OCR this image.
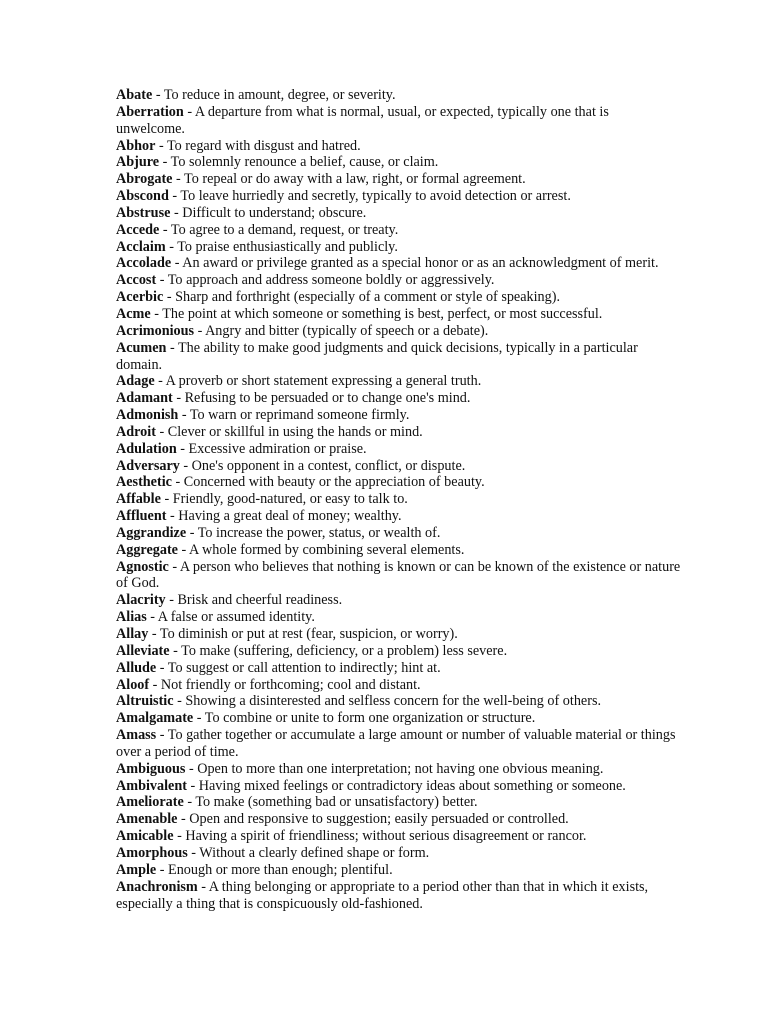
Abate - To reduce in amount, degree, or severity.

Aberration - A departure from what is normal, usual, or expected, typically one that is unwelcome.

Abhor - To regard with disgust and hatred.

Abjure - To solemnly renounce a belief, cause, or claim.

Abrogate - To repeal or do away with a law, right, or formal agreement.

Abscond - To leave hurriedly and secretly, typically to avoid detection or arrest.

Abstruse - Difficult to understand; obscure.

Accede - To agree to a demand, request, or treaty.

Acclaim - To praise enthusiastically and publicly.

Accolade - An award or privilege granted as a special honor or as an acknowledgment of merit.

Accost - To approach and address someone boldly or aggressively.

Acerbic - Sharp and forthright (especially of a comment or style of speaking).

Acme - The point at which someone or something is best, perfect, or most successful.

Acrimonious - Angry and bitter (typically of speech or a debate).

Acumen - The ability to make good judgments and quick decisions, typically in a particular domain.

Adage - A proverb or short statement expressing a general truth.

Adamant - Refusing to be persuaded or to change one's mind.

Admonish - To warn or reprimand someone firmly.

Adroit - Clever or skillful in using the hands or mind.

Adulation - Excessive admiration or praise.

Adversary - One's opponent in a contest, conflict, or dispute.

Aesthetic - Concerned with beauty or the appreciation of beauty.

Affable - Friendly, good-natured, or easy to talk to.

Affluent - Having a great deal of money; wealthy.

Aggrandize - To increase the power, status, or wealth of.

Aggregate - A whole formed by combining several elements.

Agnostic - A person who believes that nothing is known or can be known of the existence or nature of God.

Alacrity - Brisk and cheerful readiness.

Alias - A false or assumed identity.

Allay - To diminish or put at rest (fear, suspicion, or worry).

Alleviate - To make (suffering, deficiency, or a problem) less severe.

Allude - To suggest or call attention to indirectly; hint at.

Aloof - Not friendly or forthcoming; cool and distant.

Altruistic - Showing a disinterested and selfless concern for the well-being of others.

Amalgamate - To combine or unite to form one organization or structure.

Amass - To gather together or accumulate a large amount or number of valuable material or things over a period of time.

Ambiguous - Open to more than one interpretation; not having one obvious meaning.

Ambivalent - Having mixed feelings or contradictory ideas about something or someone.

Ameliorate - To make (something bad or unsatisfactory) better.

Amenable - Open and responsive to suggestion; easily persuaded or controlled.

Amicable - Having a spirit of friendliness; without serious disagreement or rancor.

Amorphous - Without a clearly defined shape or form.

Ample - Enough or more than enough; plentiful.

Anachronism - A thing belonging or appropriate to a period other than that in which it exists, especially a thing that is conspicuously old-fashioned.
